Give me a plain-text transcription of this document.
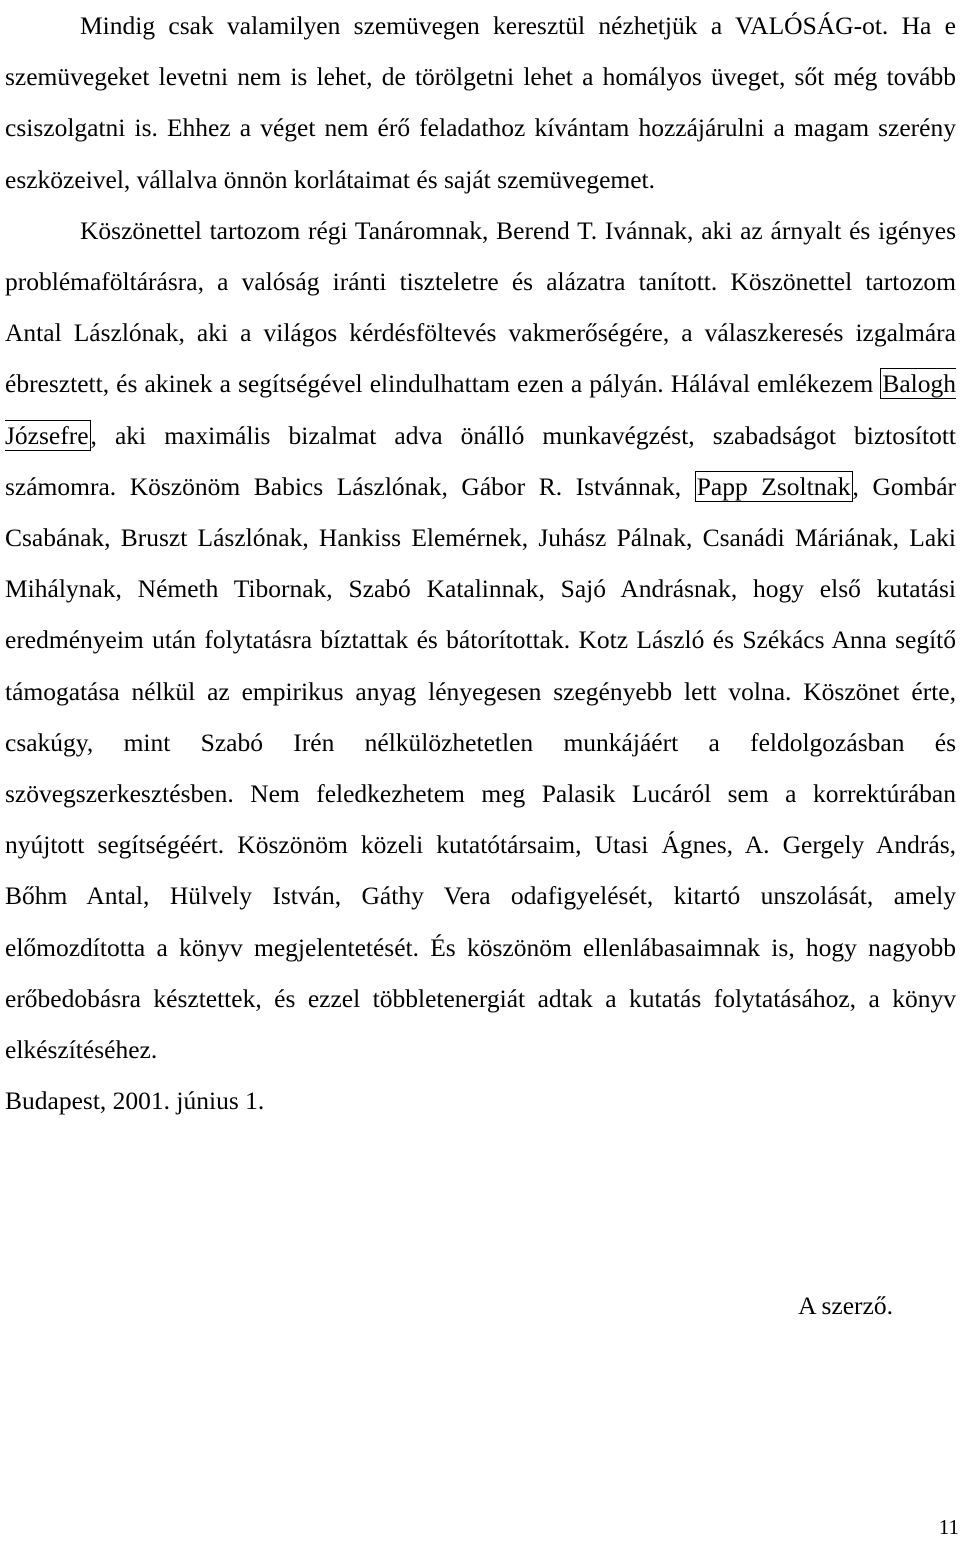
Mindig csak valamilyen szemüvegen keresztül nézhetjük a VALÓSÁG-ot. Ha e szemüvegeket levetni nem is lehet, de törölgetni lehet a homályos üveget, sőt még tovább csiszolgatni is. Ehhez a véget nem érő feladathoz kívántam hozzájárulni a magam szerény eszközeivel, vállalva önnön korlátaimat és saját szemüvegemet.

Köszönettel tartozom régi Tanáromnak, Berend T. Ivánnak, aki az árnyalt és igényes problémaföltárásra, a valóság iránti tiszteletre és alázatra tanított. Köszönettel tartozom Antal Lászlónak, aki a világos kérdésföltevés vakmerőségére, a válaszkeresés izgalmára ébresztett, és akinek a segítségével elindulhattam ezen a pályán. Hálával emlékezem Balogh Józsefre, aki maximális bizalmat adva önálló munkavégzést, szabadságot biztosított számomra. Köszönöm Babics Lászlónak, Gábor R. Istvánnak, Papp Zsoltnak, Gombár Csabának, Bruszt Lászlónak, Hankiss Elemérnek, Juhász Pálnak, Csanádi Máriának, Laki Mihálynak, Németh Tibornak, Szabó Katalinnak, Sajó Andrásnak, hogy első kutatási eredményeim után folytatásra bíztattak és bátorítottak. Kotz László és Székács Anna segítő támogatása nélkül az empirikus anyag lényegesen szegényebb lett volna. Köszönet érte, csakúgy, mint Szabó Irén nélkülözhetetlen munkájáért a feldolgozásban és szövegszerkesztésben. Nem feledkezhetem meg Palasik Lucáról sem a korrektúrában nyújtott segítségéért. Köszönöm közeli kutatótársaim, Utasi Ágnes, A. Gergely András, Bőhm Antal, Hülvely István, Gáthy Vera odafigyelését, kitartó unszolását, amely előmozdította a könyv megjelentetését. És köszönöm ellenlábasaimnak is, hogy nagyobb erőbedobásra késztettek, és ezzel többletenergiát adtak a kutatás folytatásához, a könyv elkészítéséhez.

Budapest, 2001. június 1.

A szerző.
11
